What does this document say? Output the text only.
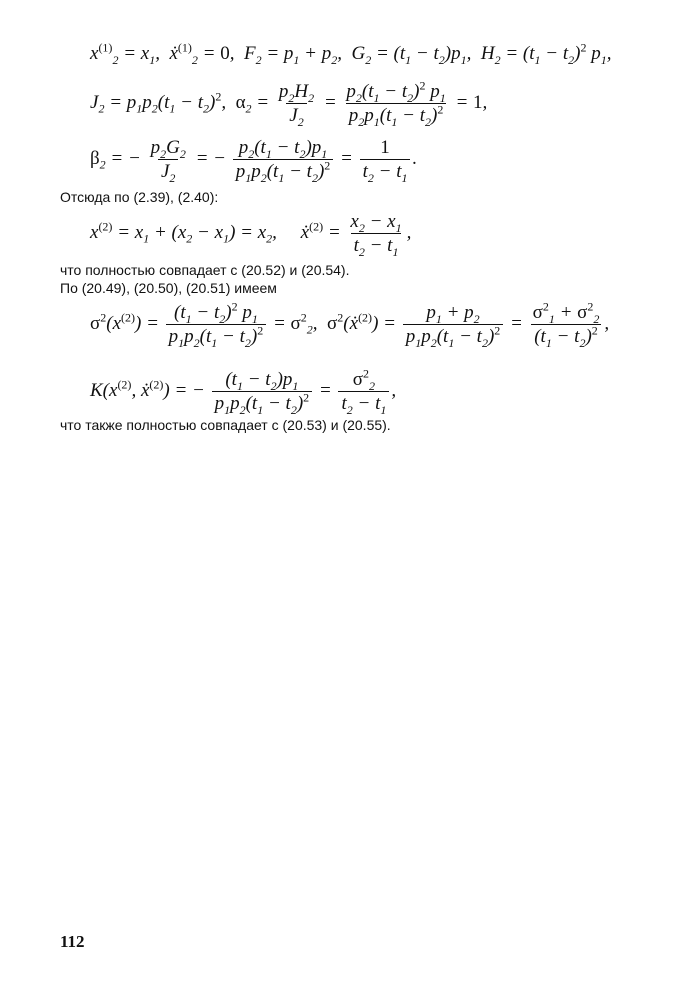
$x^{(1)}_2 = x_1$,  ẋ$^{(1)}_2$ = 0,  $F_2 = p_1 + p_2$,  $G_2 = (t_1 - t_2)p_1$,  $H_2 = (t_1 - t_2)^2$ $p_1$,
$J_2 = p_1p_2(t_1 - t_2)^2$,  $\alpha_2 = \frac{p_2H_2}{J_2} = \frac{p_2(t_1 - t_2)^2 p_1}{p_2p_1(t_1 - t_2)^2} = 1$,
$\beta_2$ = − $\frac{p_2G_2}{J_2}$ = − $\frac{p_2(t_1 - t_2)p_1}{p_1p_2(t_1 - t_2)^2} = \frac{1}{t_2 - t_1}$ .
Отсюда по (2.39), (2.40):
$x^{(2)} = x_1 + (x_2 - x_1) = x_2$,     ẋ$^{(2)}$ = $\frac{x_2 - x_1}{t_2 - t_1}$ ,
что полностью совпадает с (20.52) и (20.54).
По (20.49), (20.50), (20.51) имеем
$\sigma^2(x^{(2)}) = \frac{(t_1 - t_2)^2 p_1}{p_1p_2(t_1 - t_2)^2} = \sigma^2_2$,  $\sigma^2(ẋ^{(2)}) = \frac{p_1 + p_2}{p_1p_2(t_1 - t_2)^2} = \frac{\sigma^2_1 + \sigma^2_2}{(t_1 - t_2)^2}$ ,
$K(x^{(2)}$, ẋ$^{(2)}$) = − $\frac{(t_1 - t_2)p_1}{p_1p_2(t_1 - t_2)^2} = \frac{\sigma^2_2}{t_2 - t_1}$ ,
что также полностью совпадает с (20.53) и (20.55).
112
